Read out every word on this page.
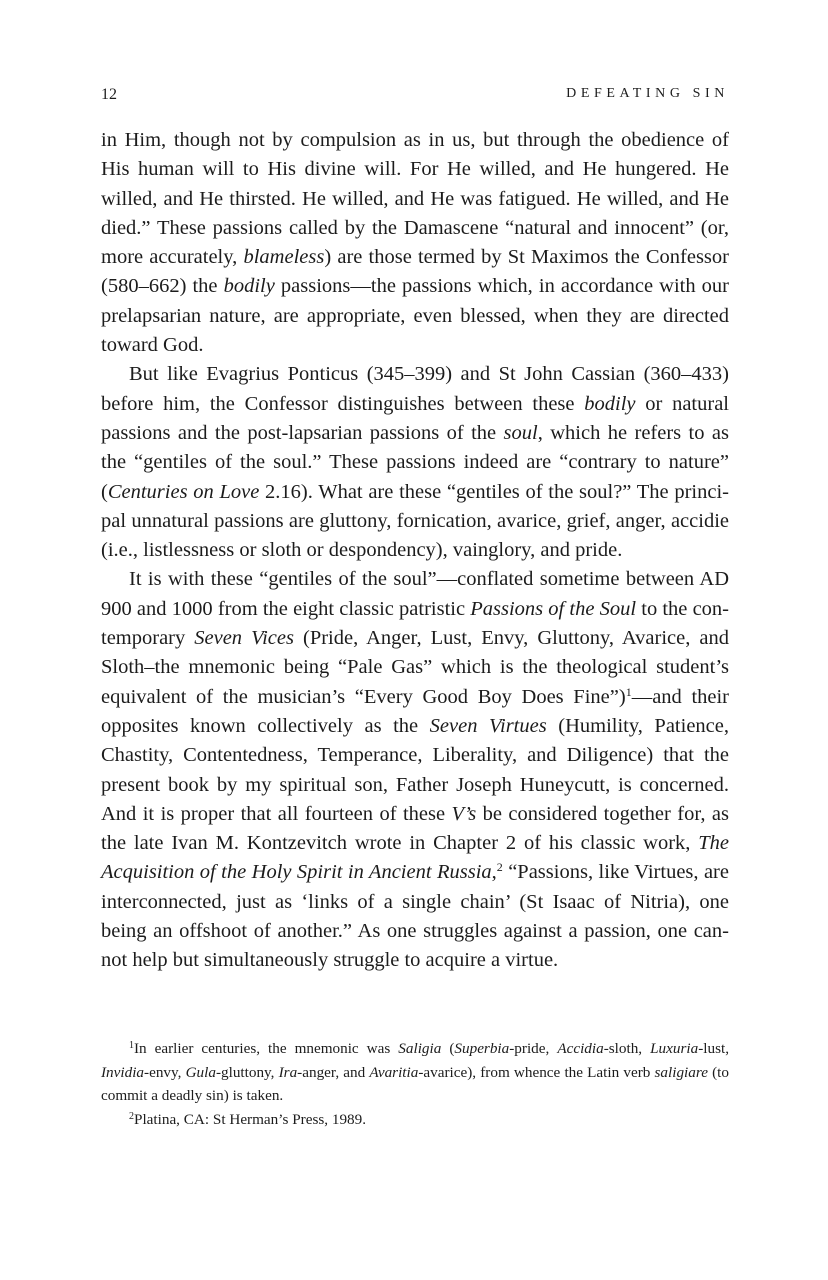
12	DEFEATING SIN

in Him, though not by compulsion as in us, but through the obedience of His human will to His divine will. For He willed, and He hungered. He willed, and He thirsted. He willed, and He was fatigued. He willed, and He died.” These passions called by the Damascene “natural and innocent” (or, more accurately, blameless) are those termed by St Maximos the Confessor (580–662) the bodily passions—the passions which, in accordance with our prelapsarian nature, are appropriate, even blessed, when they are directed toward God.

But like Evagrius Ponticus (345–399) and St John Cassian (360–433) before him, the Confessor distinguishes between these bodily or natural passions and the post-lapsarian passions of the soul, which he refers to as the “gentiles of the soul.” These passions indeed are “contrary to nature” (Centuries on Love 2.16). What are these “gentiles of the soul?” The principal unnatural passions are gluttony, fornication, avarice, grief, anger, accidie (i.e., listlessness or sloth or despondency), vainglory, and pride.

It is with these “gentiles of the soul”—conflated sometime between AD 900 and 1000 from the eight classic patristic Passions of the Soul to the contemporary Seven Vices (Pride, Anger, Lust, Envy, Gluttony, Avarice, and Sloth–the mnemonic being “Pale Gas” which is the theological student’s equivalent of the musician’s “Every Good Boy Does Fine”)$^1$—and their opposites known collectively as the Seven Virtues (Humility, Patience, Chastity, Contentedness, Temperance, Liberality, and Diligence) that the present book by my spiritual son, Father Joseph Huneycutt, is concerned. And it is proper that all fourteen of these V’s be considered together for, as the late Ivan M. Kontzevitch wrote in Chapter 2 of his classic work, The Acquisition of the Holy Spirit in Ancient Russia,$^2$ “Passions, like Virtues, are interconnected, just as ‘links of a single chain’ (St Isaac of Nitria), one being an offshoot of another.” As one struggles against a passion, one cannot help but simultaneously struggle to acquire a virtue.

$^1$In earlier centuries, the mnemonic was Saligia (Superbia-pride, Accidia-sloth, Luxuria-lust, Invidia-envy, Gula-gluttony, Ira-anger, and Avaritia-avarice), from whence the Latin verb saligiare (to commit a deadly sin) is taken.

$^2$Platina, CA: St Herman’s Press, 1989.
